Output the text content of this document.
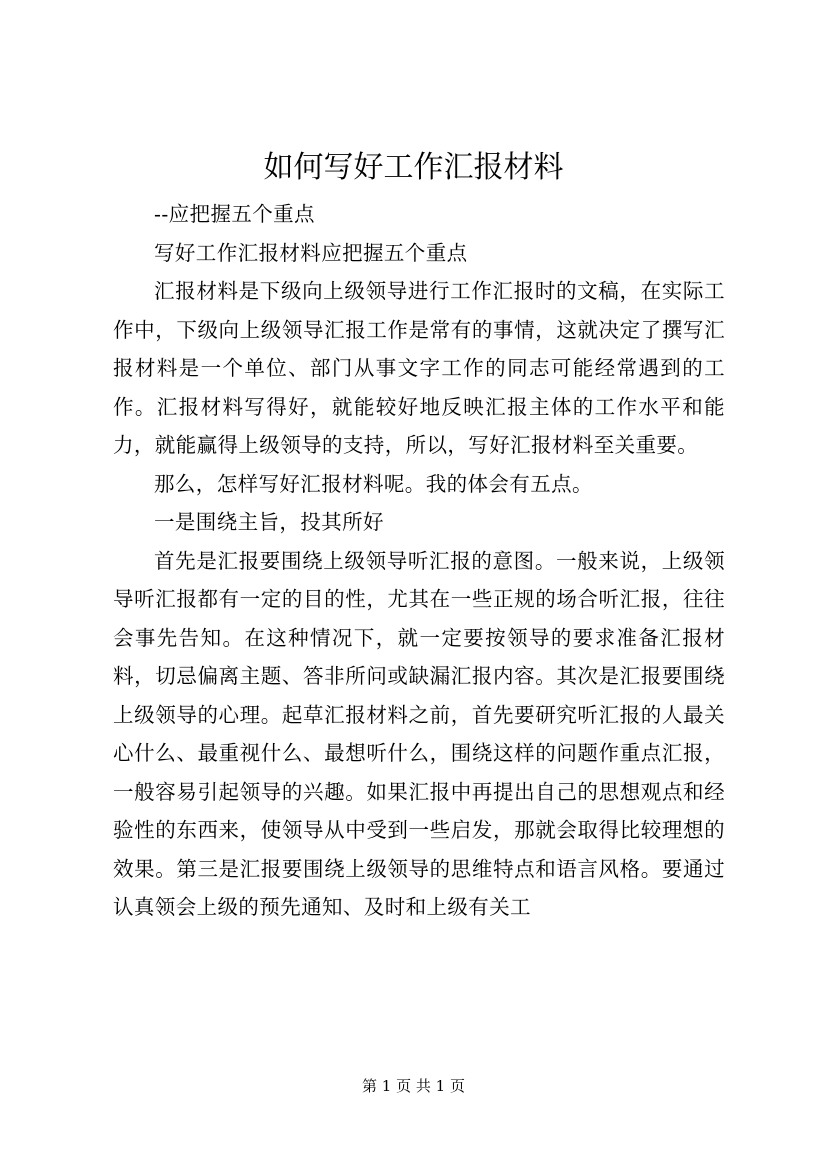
如何写好工作汇报材料

--应把握五个重点

写好工作汇报材料应把握五个重点

汇报材料是下级向上级领导进行工作汇报时的文稿，在实际工作中，下级向上级领导汇报工作是常有的事情，这就决定了撰写汇报材料是一个单位、部门从事文字工作的同志可能经常遇到的工作。汇报材料写得好，就能较好地反映汇报主体的工作水平和能力，就能赢得上级领导的支持，所以，写好汇报材料至关重要。

那么，怎样写好汇报材料呢。我的体会有五点。

一是围绕主旨，投其所好

首先是汇报要围绕上级领导听汇报的意图。一般来说，上级领导听汇报都有一定的目的性，尤其在一些正规的场合听汇报，往往会事先告知。在这种情况下，就一定要按领导的要求准备汇报材料，切忌偏离主题、答非所问或缺漏汇报内容。其次是汇报要围绕上级领导的心理。起草汇报材料之前，首先要研究听汇报的人最关心什么、最重视什么、最想听什么，围绕这样的问题作重点汇报，一般容易引起领导的兴趣。如果汇报中再提出自己的思想观点和经验性的东西来，使领导从中受到一些启发，那就会取得比较理想的效果。第三是汇报要围绕上级领导的思维特点和语言风格。要通过认真领会上级的预先通知、及时和上级有关工

第 1 页 共 1 页
